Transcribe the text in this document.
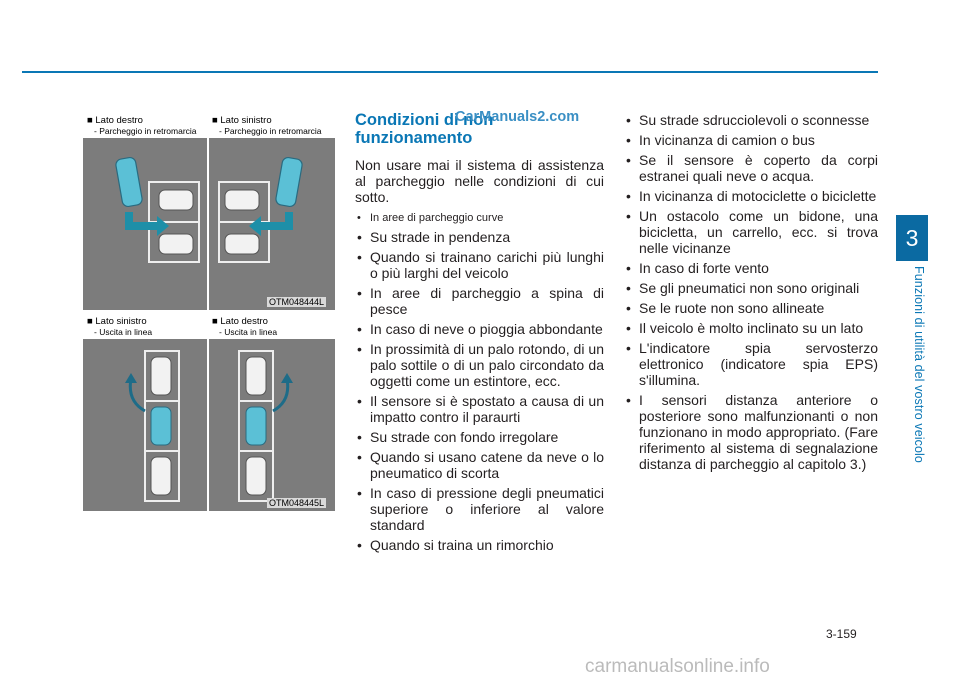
■ Lato destro
- Parcheggio in retromarcia
■ Lato sinistro
- Parcheggio in retromarcia
■ Lato sinistro
- Uscita in linea
■ Lato destro
- Uscita in linea
OTM048444L
OTM048445L
Condizioni di non
funzionamento

Non usare mai il sistema di assistenza al parcheggio nelle condizioni di cui sotto.

• In aree di parcheggio curve
• Su strade in pendenza
• Quando si trainano carichi più lunghi o più larghi del veicolo
• In aree di parcheggio a spina di pesce
• In caso di neve o pioggia abbondante
• In prossimità di un palo rotondo, di un palo sottile o di un palo circondato da oggetti come un estintore, ecc.
• Il sensore si è spostato a causa di un impatto contro il paraurti
• Su strade con fondo irregolare
• Quando si usano catene da neve o lo pneumatico di scorta
• In caso di pressione degli pneumatici superiore o inferiore al valore standard
• Quando si traina un rimorchio
CarManuals2.com
•	Su strade sdrucciolevoli o sconnesse
• In vicinanza di camion o bus
• Se il sensore è coperto da corpi estranei quali neve o acqua.
• In vicinanza di motociclette o biciclette
• Un ostacolo come un bidone, una bicicletta, un carrello, ecc. si trova nelle vicinanze
• In caso di forte vento
• Se gli pneumatici non sono originali
• Se le ruote non sono allineate
• Il veicolo è molto inclinato su un lato
• L'indicatore spia servosterzo elettronico (indicatore spia EPS) s'illumina.
• I sensori distanza anteriore o posteriore sono malfunzionanti o non funzionano in modo appropriato. (Fare riferimento al sistema di segnalazione distanza di parcheggio al capitolo 3.)
3
Funzioni di utilità del vostro veicolo
3-159
carmanualsonline.info
